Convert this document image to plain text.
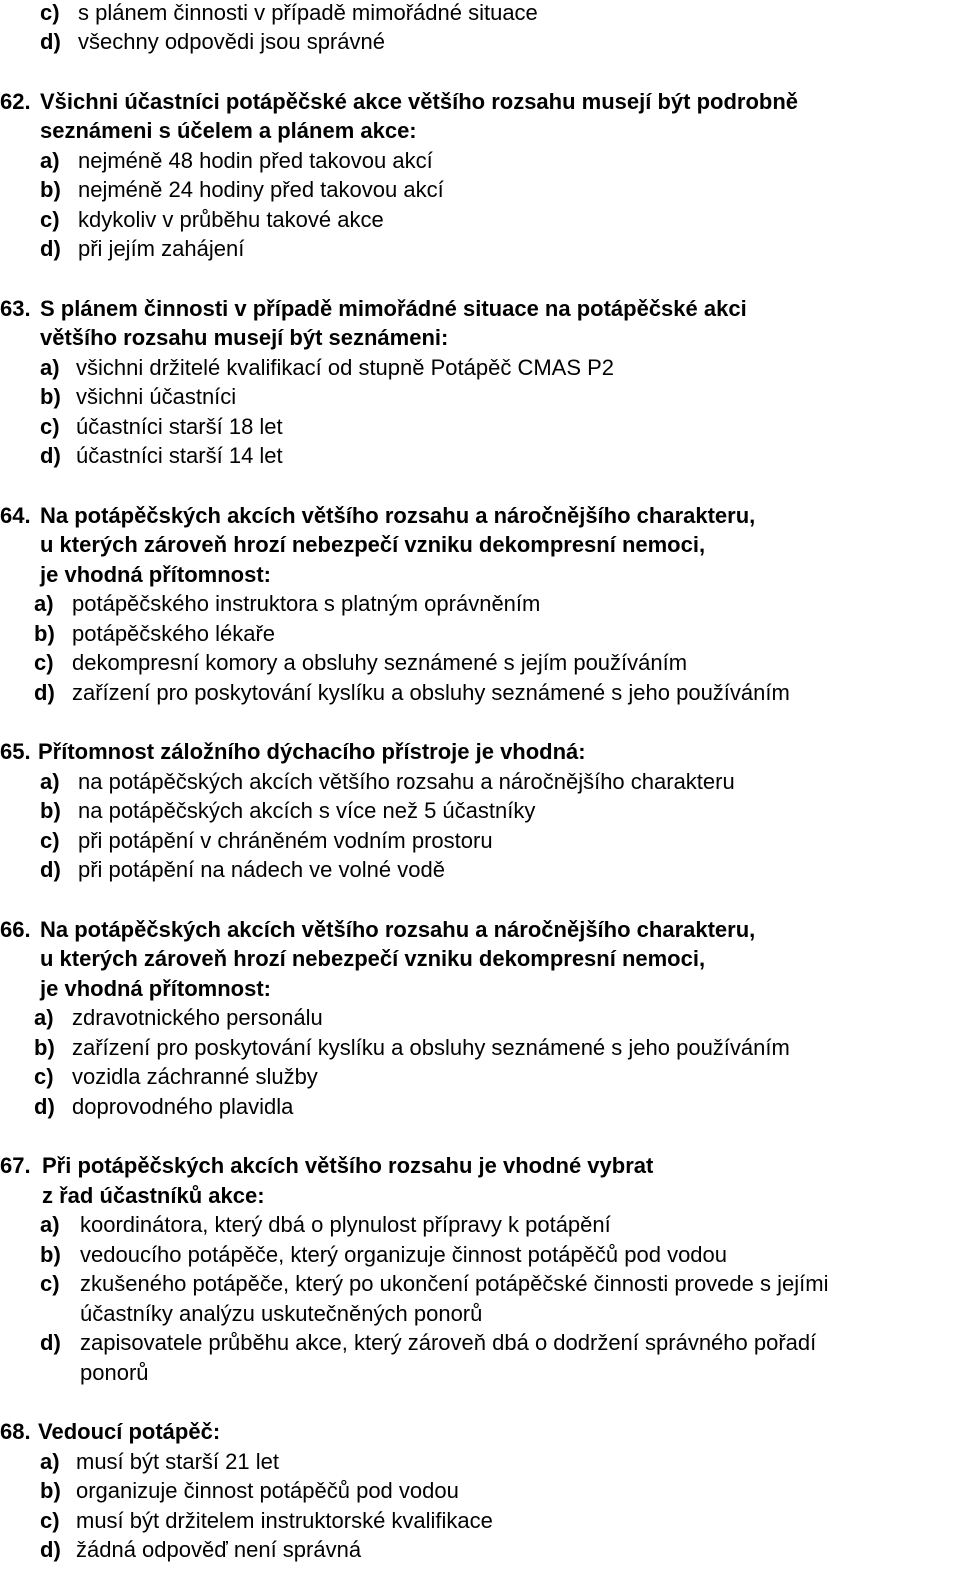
c) s plánem činnosti v případě mimořádné situace
d) všechny odpovědi jsou správné
62. Všichni účastníci potápěčské akce většího rozsahu musejí být podrobně
seznámeni s účelem a plánem akce:
a) nejméně 48 hodin před takovou akcí
b) nejméně 24 hodiny před takovou akcí
c) kdykoliv v průběhu takové akce
d) při jejím zahájení
63. S plánem činnosti v případě mimořádné situace na potápěčské akci
většího rozsahu musejí být seznámeni:
a) všichni držitelé kvalifikací od stupně Potápěč CMAS P2
b) všichni účastníci
c) účastníci starší 18 let
d) účastníci starší 14 let
64. Na potápěčských akcích většího rozsahu a náročnějšího charakteru,
u kterých zároveň hrozí nebezpečí vzniku dekompresní nemoci,
je vhodná přítomnost:
a) potápěčského instruktora s platným oprávněním
b) potápěčského lékaře
c) dekompresní komory a obsluhy seznámené s jejím používáním
d) zařízení pro poskytování kyslíku a obsluhy seznámené s jeho používáním
65. Přítomnost záložního dýchacího přístroje je vhodná:
a) na potápěčských akcích většího rozsahu a náročnějšího charakteru
b) na potápěčských akcích s více než 5 účastníky
c) při potápění v chráněném vodním prostoru
d) při potápění na nádech ve volné vodě
66. Na potápěčských akcích většího rozsahu a náročnějšího charakteru,
u kterých zároveň hrozí nebezpečí vzniku dekompresní nemoci,
je vhodná přítomnost:
a) zdravotnického personálu
b) zařízení pro poskytování kyslíku a obsluhy seznámené s jeho používáním
c) vozidla záchranné služby
d) doprovodného plavidla
67. Při potápěčských akcích většího rozsahu je vhodné vybrat
z řad účastníků akce:
a) koordinátora, který dbá o plynulost přípravy k potápění
b) vedoucího potápěče, který organizuje činnost potápěčů pod vodou
c) zkušeného potápěče, který po ukončení potápěčské činnosti provede s jejími
účastníky analýzu uskutečněných ponorů
d) zapisovatele průběhu akce, který zároveň dbá o dodržení správného pořadí
ponorů
68. Vedoucí potápěč:
a) musí být starší 21 let
b) organizuje činnost potápěčů pod vodou
c) musí být držitelem instruktorské kvalifikace
d) žádná odpověď není správná
